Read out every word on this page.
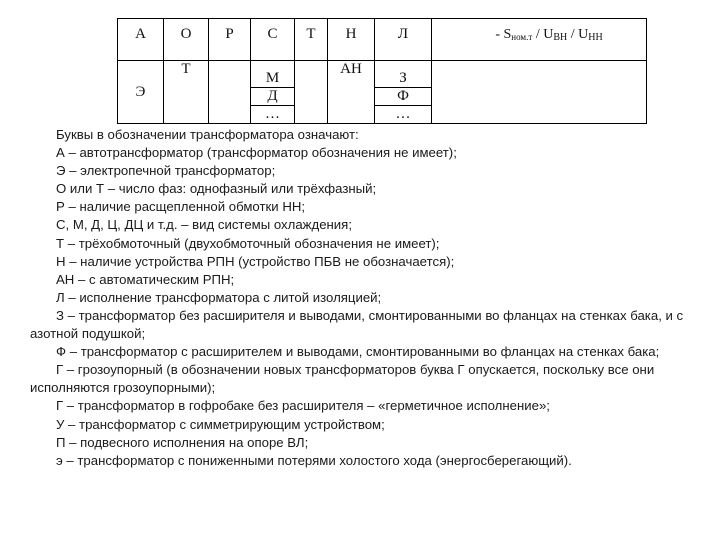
А	О	Р	С	Т	Н	Л	- $S_{ном.т} / U_{ВН} / U_{НН}$
Э	Т		М		АН	З	
			Д			Ф	
			…			…	

Буквы в обозначении трансформатора означают:

А – автотрансформатор (трансформатор обозначения не имеет);

Э – электропечной трансформатор;

О или Т – число фаз: однофазный или трёхфазный;

Р – наличие расщепленной обмотки НН;

С, М, Д, Ц, ДЦ и т.д. – вид системы охлаждения;

Т – трёхобмоточный (двухобмоточный обозначения не имеет);

Н – наличие устройства РПН (устройство ПБВ не обозначается);

АН – с автоматическим РПН;

Л – исполнение трансформатора с литой изоляцией;

З – трансформатор без расширителя и выводами, смонтированными во фланцах на стенках бака, и с азотной подушкой;

Ф – трансформатор с расширителем и выводами, смонтированными во фланцах на стенках бака;

Г – грозоупорный (в обозначении новых трансформаторов буква Г опускается, поскольку все они исполняются грозоупорными);

Г – трансформатор в гофробаке без расширителя – «герметичное исполнение»;

У – трансформатор с симметрирующим устройством;

П – подвесного исполнения на опоре ВЛ;

э – трансформатор с пониженными потерями холостого хода (энергосберегающий).
